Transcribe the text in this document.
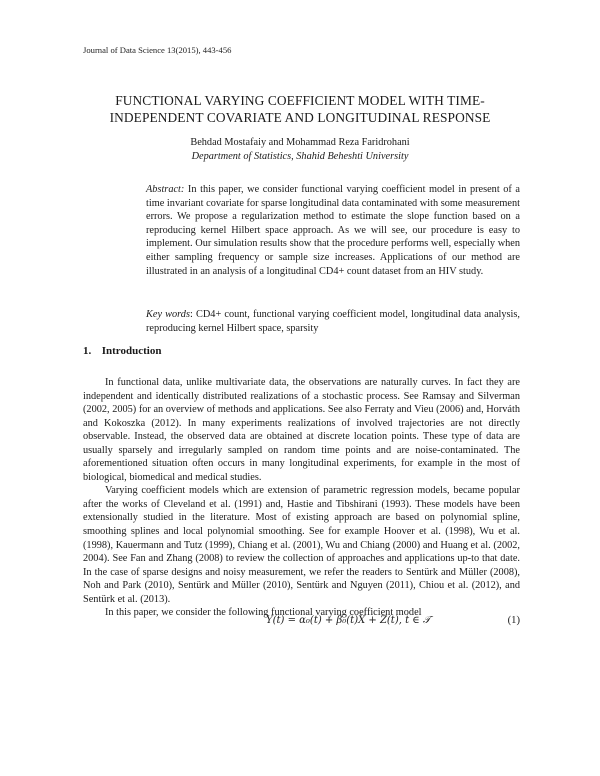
Journal of Data Science 13(2015), 443-456
FUNCTIONAL VARYING COEFFICIENT MODEL WITH TIME-
INDEPENDENT COVARIATE AND LONGITUDINAL RESPONSE
Behdad Mostafaiy and Mohammad Reza Faridrohani
Department of Statistics, Shahid Beheshti University
Abstract: In this paper, we consider functional varying coefficient model in present of a time invariant covariate for sparse longitudinal data contaminated with some measurement errors. We propose a regularization method to estimate the slope function based on a reproducing kernel Hilbert space approach. As we will see, our procedure is easy to implement. Our simulation results show that the procedure performs well, especially when either sampling frequency or sample size increases. Applications of our method are illustrated in an analysis of a longitudinal CD4+ count dataset from an HIV study.
Key words: CD4+ count, functional varying coefficient model, longitudinal data analysis, reproducing kernel Hilbert space, sparsity
1. Introduction

In functional data, unlike multivariate data, the observations are naturally curves. In fact they are independent and identically distributed realizations of a stochastic process. See Ramsay and Silverman (2002, 2005) for an overview of methods and applications. See also Ferraty and Vieu (2006) and, Horváth and Kokoszka (2012). In many experiments realizations of involved trajectories are not directly observable. Instead, the observed data are obtained at discrete location points. These type of data are usually sparsely and irregularly sampled on random time points and are noise-contaminated. The aforementioned situation often occurs in many longitudinal experiments, for example in the most of biological, biomedical and medical studies.

Varying coefficient models which are extension of parametric regression models, became popular after the works of Cleveland et al. (1991) and, Hastie and Tibshirani (1993). These models have been extensionally studied in the literature. Most of existing approach are based on polynomial spline, smoothing splines and local polynomial smoothing. See for example Hoover et al. (1998), Wu et al. (1998), Kauermann and Tutz (1999), Chiang et al. (2001), Wu and Chiang (2000) and Huang et al. (2002, 2004). See Fan and Zhang (2008) to review the collection of approaches and applications up-to that date. In the case of sparse designs and noisy measurement, we refer the readers to Sentürk and Müller (2008), Noh and Park (2010), Sentürk and Müller (2010), Sentürk and Nguyen (2011), Chiou et al. (2012), and Sentürk et al. (2013).

In this paper, we consider the following functional varying coefficient model

Y(t) = α₀(t) + β₀(t)X + Z(t), t ∈ 𝒯	(1)
